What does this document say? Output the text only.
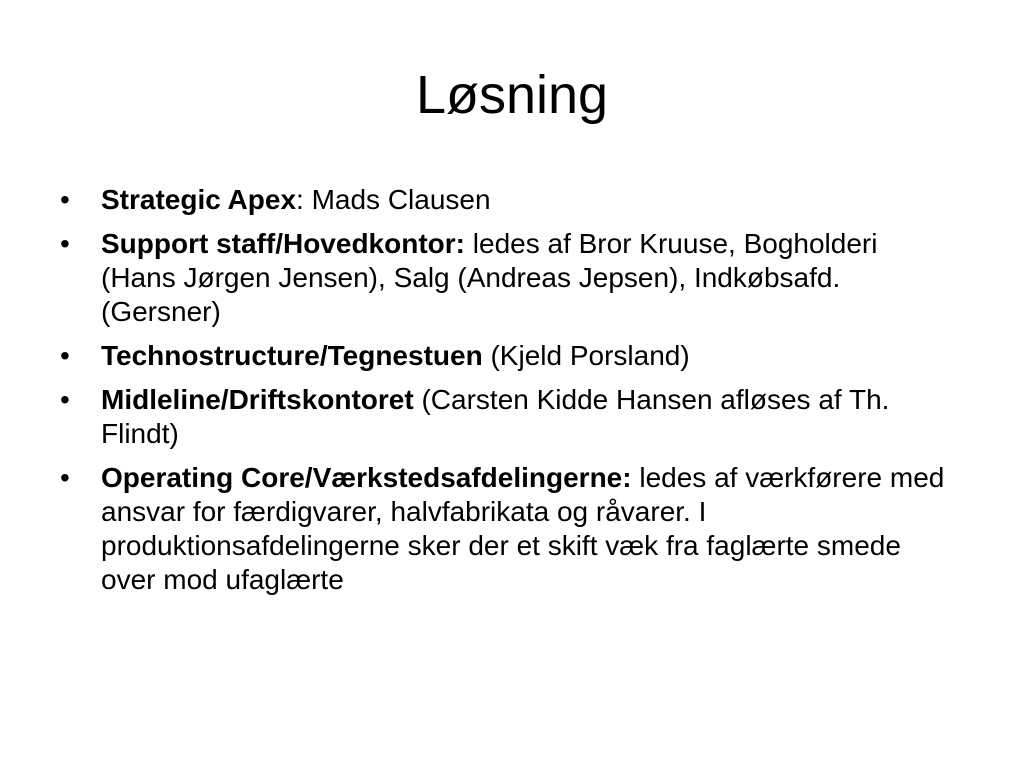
Løsning
• Strategic Apex: Mads Clausen
• Support staff/Hovedkontor: ledes af Bror Kruuse, Bogholderi (Hans Jørgen Jensen), Salg (Andreas Jepsen), Indkøbsafd. (Gersner)
• Technostructure/Tegnestuen (Kjeld Porsland)
• Midleline/Driftskontoret (Carsten Kidde Hansen afløses af Th. Flindt)
• Operating Core/Værkstedsafdelingerne: ledes af værkførere med ansvar for færdigvarer, halvfabrikata og råvarer. I produktionsafdelingerne sker der et skift væk fra faglærte smede over mod ufaglærte
